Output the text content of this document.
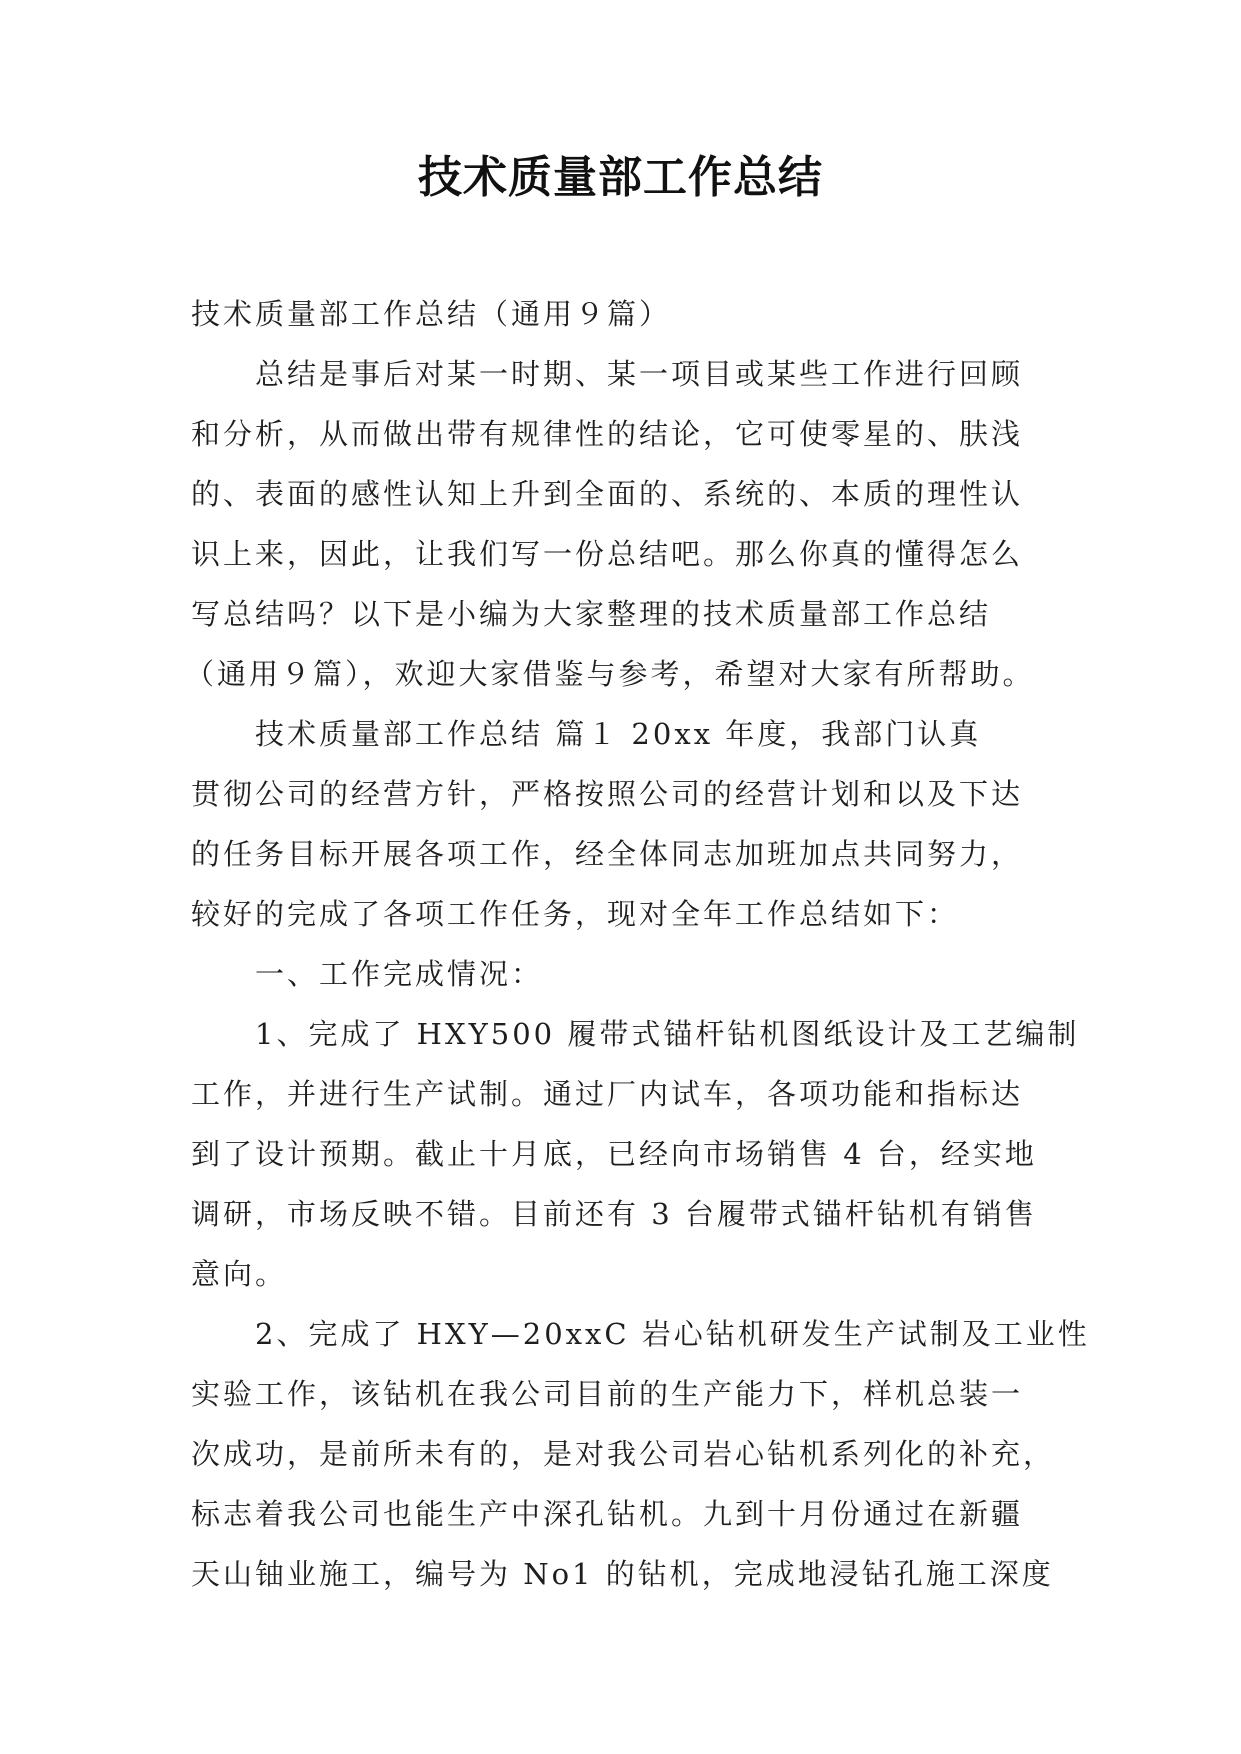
技术质量部工作总结
技术质量部工作总结（通用９篇）
总结是事后对某一时期、某一项目或某些工作进行回顾
和分析，从而做出带有规律性的结论，它可使零星的、肤浅
的、表面的感性认知上升到全面的、系统的、本质的理性认
识上来，因此，让我们写一份总结吧。那么你真的懂得怎么
写总结吗？以下是小编为大家整理的技术质量部工作总结
（通用９篇），欢迎大家借鉴与参考，希望对大家有所帮助。
技术质量部工作总结 篇１ 20xx 年度，我部门认真
贯彻公司的经营方针，严格按照公司的经营计划和以及下达
的任务目标开展各项工作，经全体同志加班加点共同努力，
较好的完成了各项工作任务，现对全年工作总结如下：
一、工作完成情况：
1、完成了 HXY500 履带式锚杆钻机图纸设计及工艺编制
工作，并进行生产试制。通过厂内试车，各项功能和指标达
到了设计预期。截止十月底，已经向市场销售 4 台，经实地
调研，市场反映不错。目前还有 3 台履带式锚杆钻机有销售
意向。
2、完成了 HXY—20xxC 岩心钻机研发生产试制及工业性
实验工作，该钻机在我公司目前的生产能力下，样机总装一
次成功，是前所未有的，是对我公司岩心钻机系列化的补充，
标志着我公司也能生产中深孔钻机。九到十月份通过在新疆
天山铀业施工，编号为 No1 的钻机，完成地浸钻孔施工深度
